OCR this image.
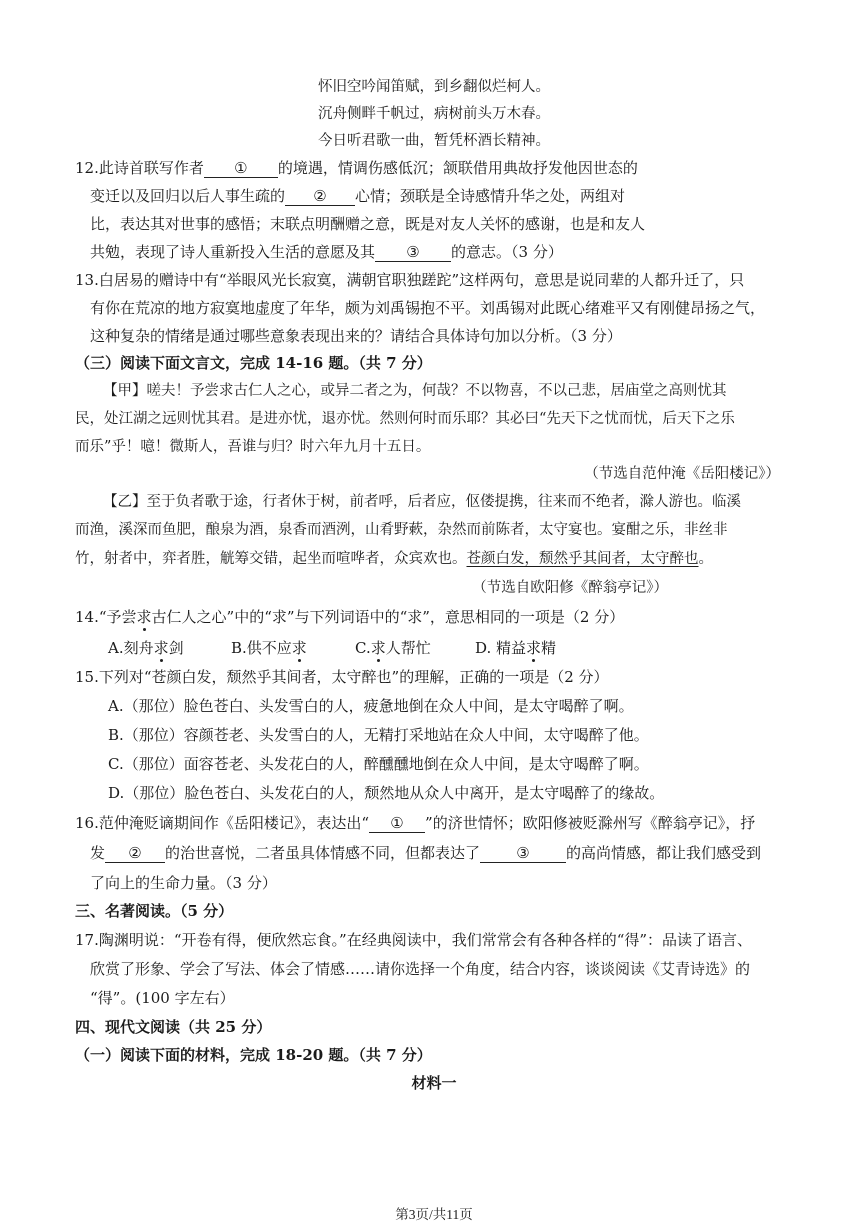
怀旧空吟闻笛赋，到乡翻似烂柯人。
沉舟侧畔千帆过，病树前头万木春。
今日听君歌一曲，暂凭杯酒长精神。
12.此诗首联写作者 ① 的境遇，情调伤感低沉；颔联借用典故抒发他因世态的
变迁以及回归以后人事生疏的 ② 心情；颈联是全诗感情升华之处，两组对
比，表达其对世事的感悟；末联点明酬赠之意，既是对友人关怀的感谢，也是和友人
共勉，表现了诗人重新投入生活的意愿及其 ③ 的意志。（3 分）
13.白居易的赠诗中有“举眼风光长寂寞，满朝官职独蹉跎”这样两句，意思是说同辈的人都升迁了，只
有你在荒凉的地方寂寞地虚度了年华，颇为刘禹锡抱不平。刘禹锡对此既心绪难平又有刚健昂扬之气，
这种复杂的情绪是通过哪些意象表现出来的？请结合具体诗句加以分析。（3 分）
（三）阅读下面文言文，完成 14-16 题。（共 7 分）
【甲】嗟夫！予尝求古仁人之心，或异二者之为，何哉？不以物喜，不以己悲，居庙堂之高则忧其
民，处江湖之远则忧其君。是进亦忧，退亦忧。然则何时而乐耶？其必曰“先天下之忧而忧，后天下之乐
而乐”乎！噫！微斯人，吾谁与归？时六年九月十五日。
（节选自范仲淹《岳阳楼记》）
【乙】至于负者歌于途，行者休于树，前者呼，后者应，伛偻提携，往来而不绝者，滁人游也。临溪
而渔，溪深而鱼肥，酿泉为酒，泉香而酒洌，山肴野蔌，杂然而前陈者，太守宴也。宴酣之乐，非丝非
竹，射者中，弈者胜，觥筹交错，起坐而喧哗者，众宾欢也。苍颜白发，颓然乎其间者，太守醉也。
（节选自欧阳修《醉翁亭记》）
14.“予尝求古仁人之心”中的“求”与下列词语中的“求”，意思相同的一项是（2 分）
A.刻舟求剑	B.供不应求	C.求人帮忙	D. 精益求精
15.下列对“苍颜白发，颓然乎其间者，太守醉也”的理解，正确的一项是（2 分）
A.（那位）脸色苍白、头发雪白的人，疲惫地倒在众人中间，是太守喝醉了啊。
B.（那位）容颜苍老、头发雪白的人，无精打采地站在众人中间，太守喝醉了他。
C.（那位）面容苍老、头发花白的人，醉醺醺地倒在众人中间，是太守喝醉了啊。
D.（那位）脸色苍白、头发花白的人，颓然地从众人中离开，是太守喝醉了的缘故。
16.范仲淹贬谪期间作《岳阳楼记》，表达出“ ① ”的济世情怀；欧阳修被贬滁州写《醉翁亭记》，抒
发 ② 的治世喜悦，二者虽具体情感不同，但都表达了 ③ 的高尚情感，都让我们感受到
了向上的生命力量。（3 分）
三、名著阅读。（5 分）
17.陶渊明说：“开卷有得，便欣然忘食。”在经典阅读中，我们常常会有各种各样的“得”：品读了语言、
欣赏了形象、学会了写法、体会了情感……请你选择一个角度，结合内容，谈谈阅读《艾青诗选》的
“得”。(100 字左右）
四、现代文阅读（共 25 分）
（一）阅读下面的材料，完成 18-20 题。（共 7 分）
材料一
第3页/共11页
